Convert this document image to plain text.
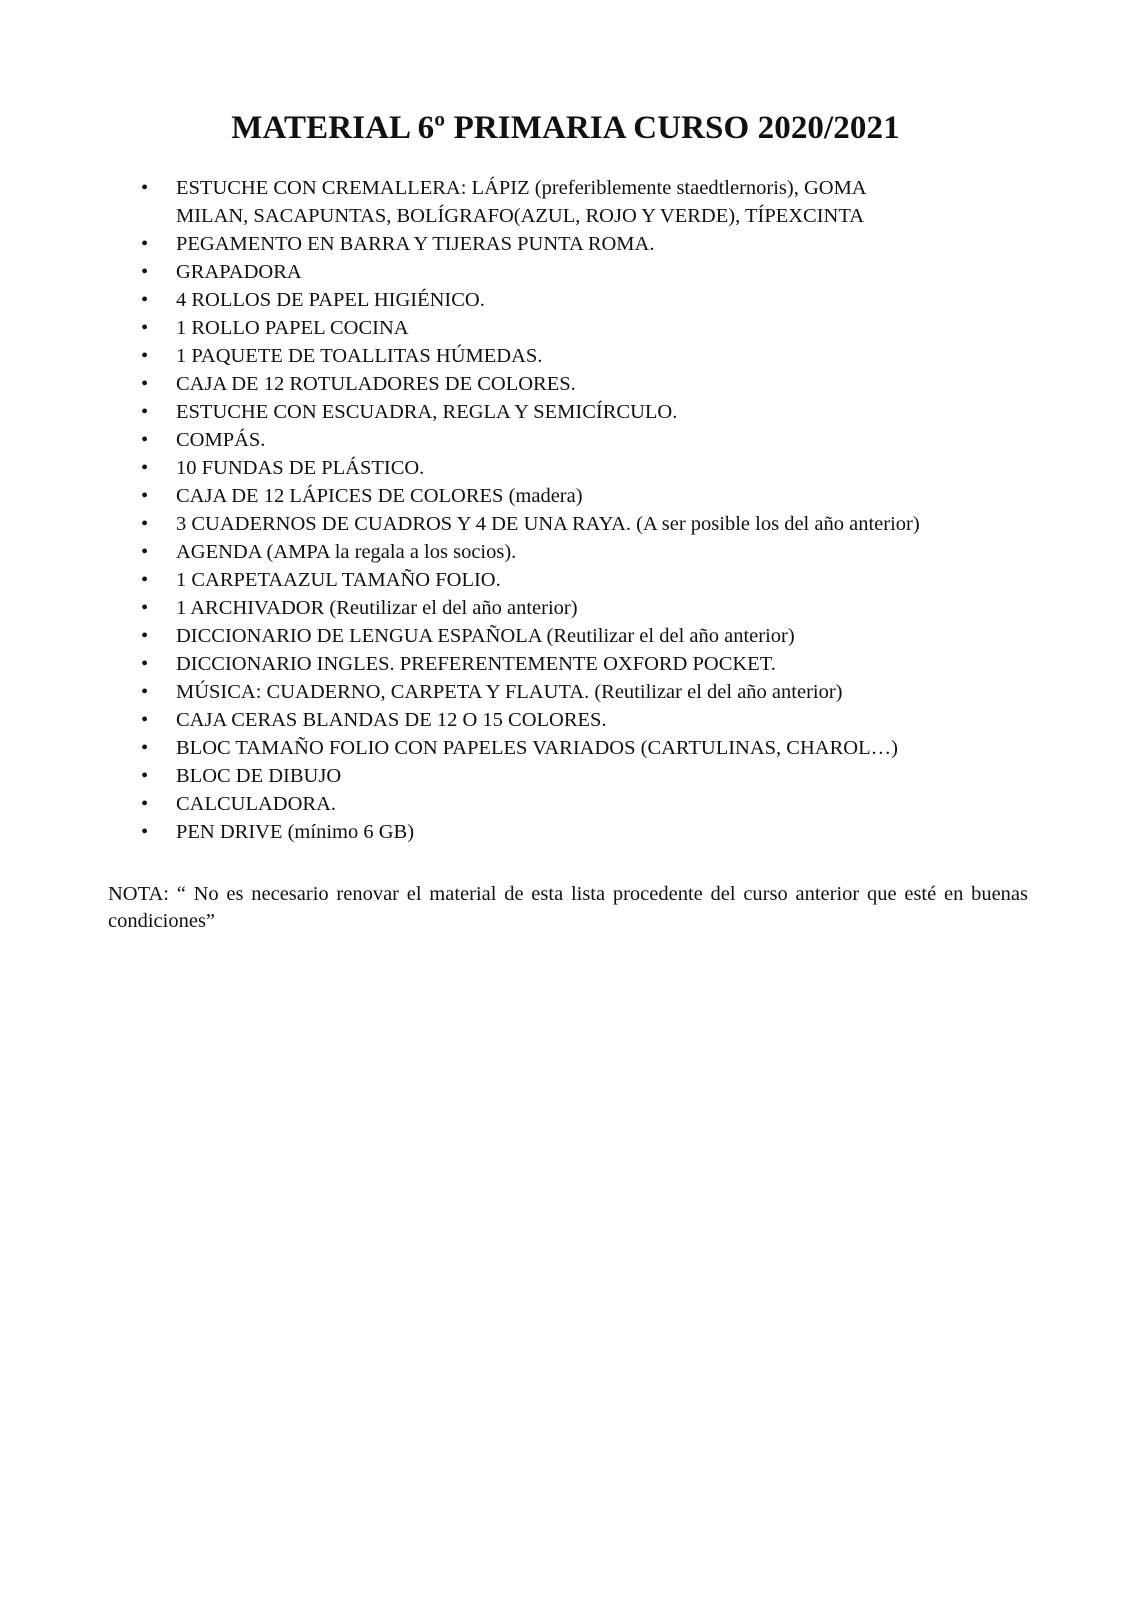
MATERIAL 6º PRIMARIA CURSO 2020/2021
•	ESTUCHE CON CREMALLERA: LÁPIZ (preferiblemente staedtlernoris), GOMA
MILAN, SACAPUNTAS, BOLÍGRAFO(AZUL, ROJO Y VERDE), TÍPEXCINTA
•	PEGAMENTO EN BARRA Y TIJERAS PUNTA ROMA.
•	GRAPADORA
•	4 ROLLOS DE PAPEL HIGIÉNICO.
•	1 ROLLO PAPEL COCINA
•	1 PAQUETE DE TOALLITAS HÚMEDAS.
•	CAJA DE 12 ROTULADORES DE COLORES.
•	ESTUCHE CON ESCUADRA, REGLA Y SEMICÍRCULO.
•	COMPÁS.
•	10 FUNDAS DE PLÁSTICO.
•	CAJA DE 12 LÁPICES DE COLORES (madera)
•	3 CUADERNOS DE CUADROS Y 4 DE UNA RAYA. (A ser posible los del año anterior)
•	AGENDA (AMPA la regala a los socios).
•	1 CARPETAAZUL TAMAÑO FOLIO.
•	1 ARCHIVADOR (Reutilizar el del año anterior)
•	DICCIONARIO DE LENGUA ESPAÑOLA (Reutilizar el del año anterior)
•	DICCIONARIO INGLES. PREFERENTEMENTE OXFORD POCKET.
•	MÚSICA: CUADERNO, CARPETA Y FLAUTA. (Reutilizar el del año anterior)
•	CAJA CERAS BLANDAS DE 12 O 15 COLORES.
•	BLOC TAMAÑO FOLIO CON PAPELES VARIADOS (CARTULINAS, CHAROL…)
•	BLOC DE DIBUJO
•	CALCULADORA.
•	PEN DRIVE (mínimo 6 GB)

NOTA: “ No es necesario renovar el material de esta lista procedente del curso anterior que esté en buenas condiciones”
